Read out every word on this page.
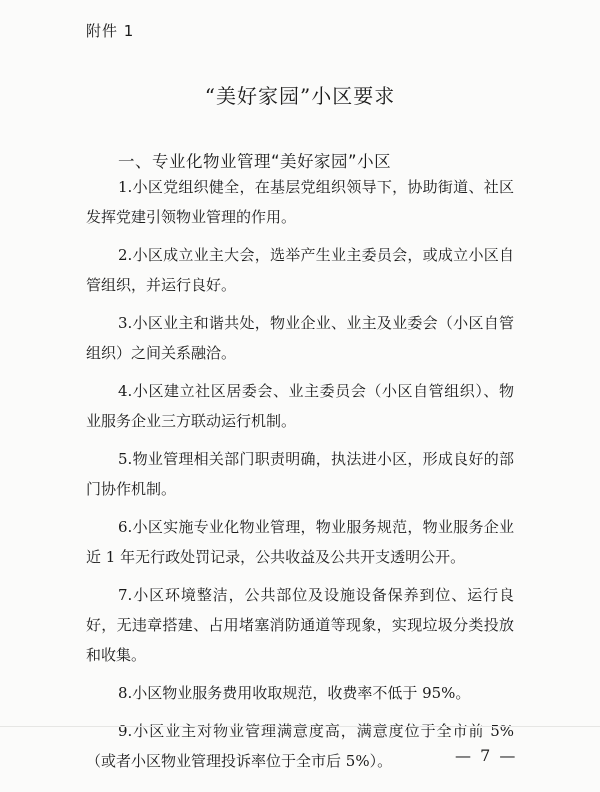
附件 1
“美好家园”小区要求
一、专业化物业管理“美好家园”小区

1.小区党组织健全，在基层党组织领导下，协助街道、社区发挥党建引领物业管理的作用。

2.小区成立业主大会，选举产生业主委员会，或成立小区自管组织，并运行良好。

3.小区业主和谐共处，物业企业、业主及业委会（小区自管组织）之间关系融洽。

4.小区建立社区居委会、业主委员会（小区自管组织）、物业服务企业三方联动运行机制。

5.物业管理相关部门职责明确，执法进小区，形成良好的部门协作机制。

6.小区实施专业化物业管理，物业服务规范，物业服务企业近 1 年无行政处罚记录，公共收益及公共开支透明公开。

7.小区环境整洁，公共部位及设施设备保养到位、运行良好，无违章搭建、占用堵塞消防通道等现象，实现垃圾分类投放和收集。

8.小区物业服务费用收取规范，收费率不低于 95%。

9.小区业主对物业管理满意度高，满意度位于全市前 5%（或者小区物业管理投诉率位于全市后 5%）。	— 7 —
